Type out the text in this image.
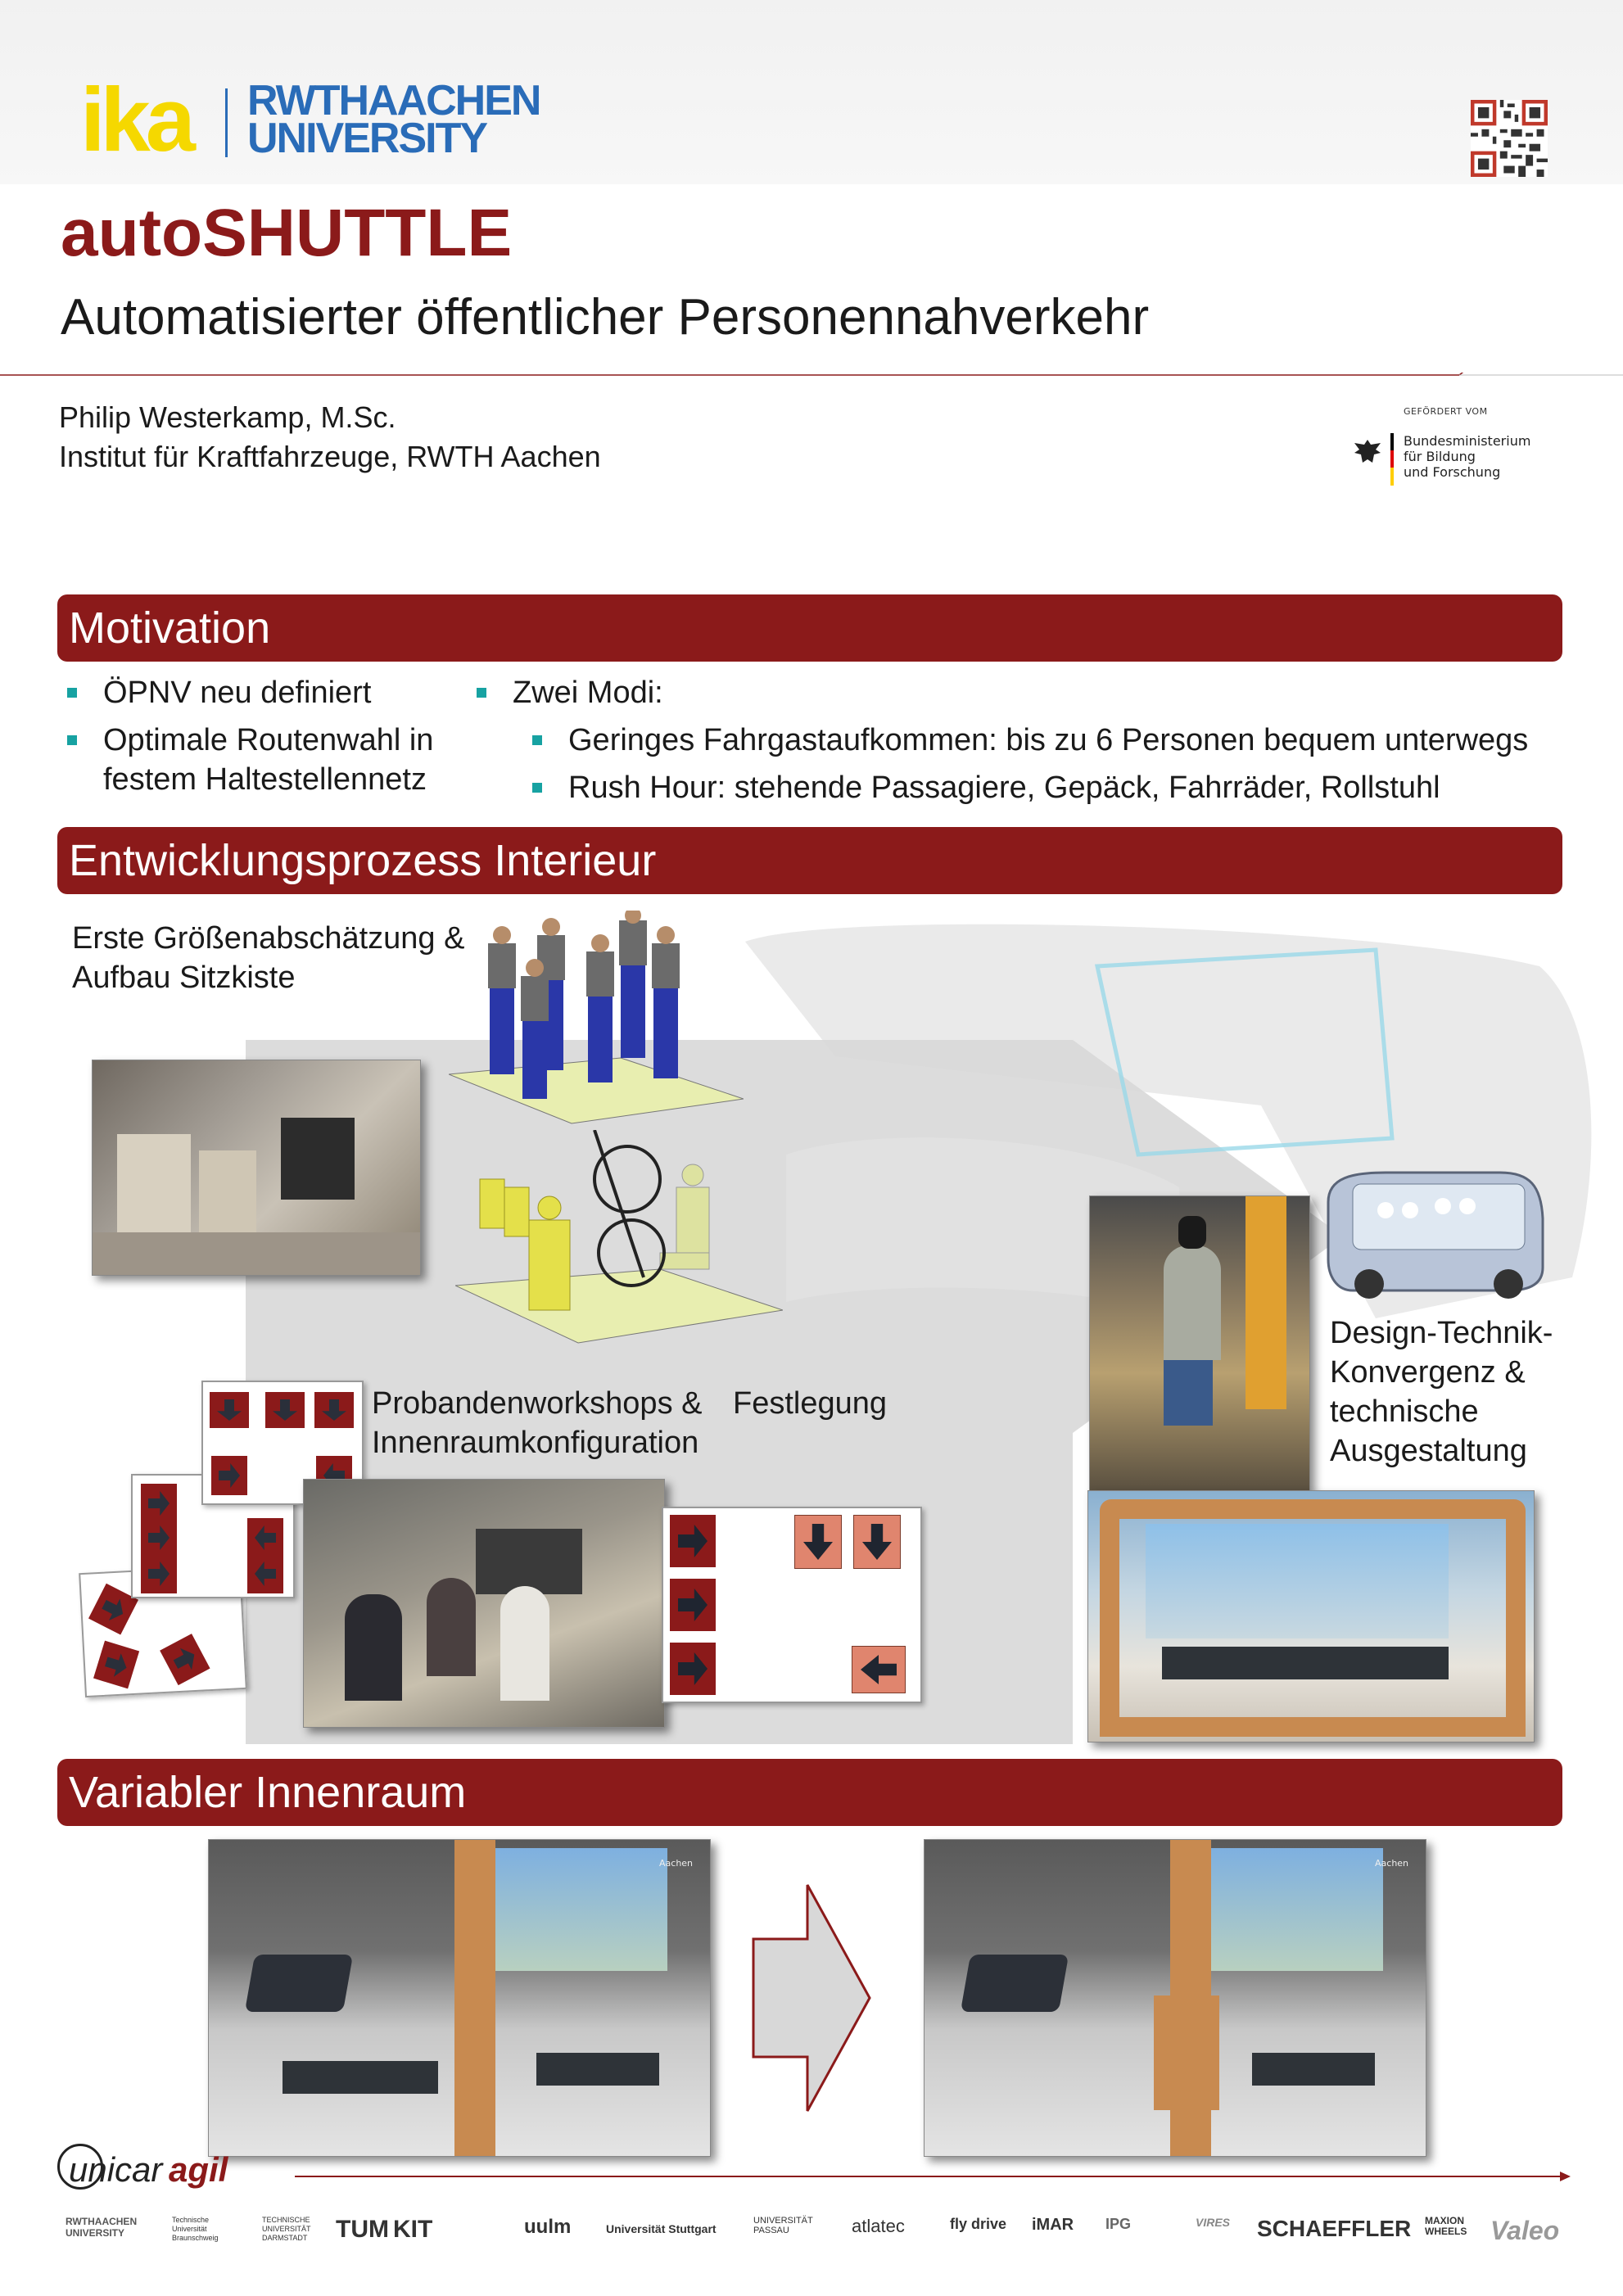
ika RWTHAACHEN
UNIVERSITY
autoSHUTTLE
Automatisierter öffentlicher Personennahverkehr
Philip Westerkamp, M.Sc.
Institut für Kraftfahrzeuge, RWTH Aachen
GEFÖRDERT VOM
Bundesministerium
für Bildung
und Forschung
Motivation
ÖPNV neu definiert
Optimale Routenwahl in festem Haltestellennetz
Zwei Modi:
Geringes Fahrgastaufkommen: bis zu 6 Personen bequem unterwegs
Rush Hour: stehende Passagiere, Gepäck, Fahrräder, Rollstuhl
Entwicklungsprozess Interieur
Erste Größenabschätzung &
Aufbau Sitzkiste
Probandenworkshops &
Innenraumkonfiguration
Festlegung
Design-Technik-
Konvergenz &
technische
Ausgestaltung
Variabler Innenraum
Aachen	Aachen
unicar agil
RWTHAACHEN UNIVERSITY
Technische Universität Braunschweig
TECHNISCHE UNIVERSITÄT DARMSTADT	TUM KIT	uulm	Universität Stuttgart
UNIVERSITÄT PASSAU	atlatec	fly drive iMAR IPG	VIRES SCHAEFFLER MAXION WHEELS Valeo
